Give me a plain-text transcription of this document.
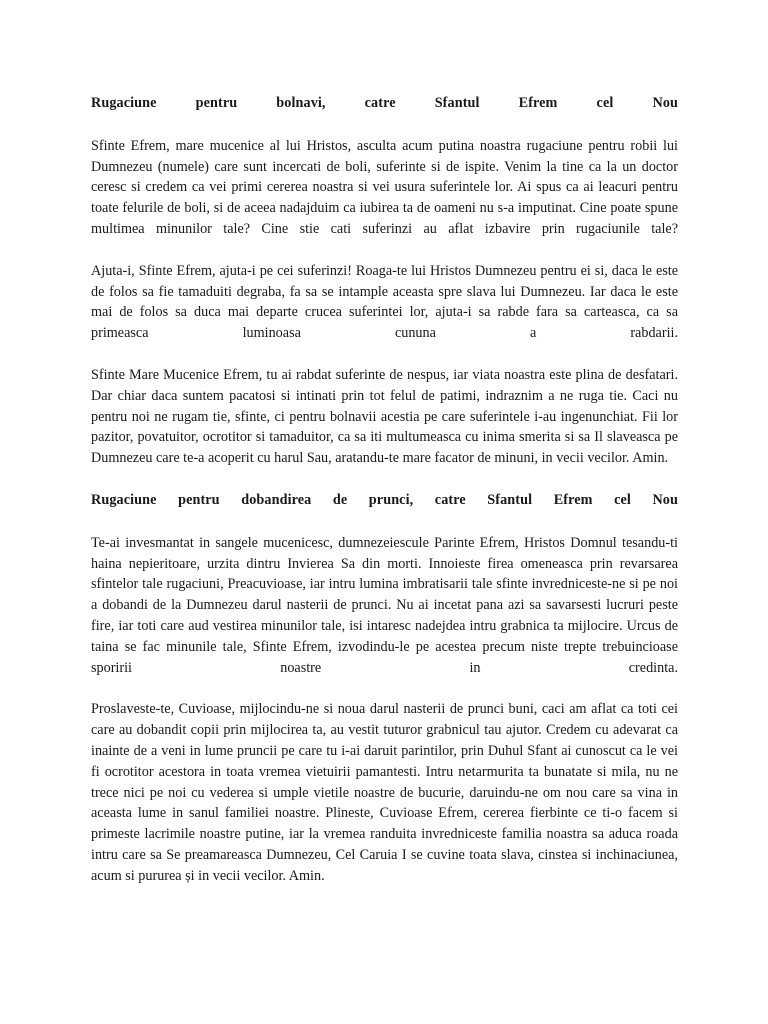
Rugaciune pentru bolnavi, catre Sfantul Efrem cel Nou

Sfinte Efrem, mare mucenice al lui Hristos, asculta acum putina noastra rugaciune pentru robii lui Dumnezeu (numele) care sunt incercati de boli, suferinte si de ispite. Venim la tine ca la un doctor ceresc si credem ca vei primi cererea noastra si vei usura suferintele lor. Ai spus ca ai leacuri pentru toate felurile de boli, si de aceea nadajduim ca iubirea ta de oameni nu s-a imputinat. Cine poate spune multimea minunilor tale? Cine stie cati suferinzi au aflat izbavire prin rugaciunile tale?

Ajuta-i, Sfinte Efrem, ajuta-i pe cei suferinzi! Roaga-te lui Hristos Dumnezeu pentru ei si, daca le este de folos sa fie tamaduiti degraba, fa sa se intample aceasta spre slava lui Dumnezeu. Iar daca le este mai de folos sa duca mai departe crucea suferintei lor, ajuta-i sa rabde fara sa carteasca, ca sa primeasca luminoasa cununa a rabdarii.

Sfinte Mare Mucenice Efrem, tu ai rabdat suferinte de nespus, iar viata noastra este plina de desfatari. Dar chiar daca suntem pacatosi si intinati prin tot felul de patimi, indraznim a ne ruga tie. Caci nu pentru noi ne rugam tie, sfinte, ci pentru bolnavii acestia pe care suferintele i-au ingenunchiat. Fii lor pazitor, povatuitor, ocrotitor si tamaduitor, ca sa iti multumeasca cu inima smerita si sa Il slaveasca pe Dumnezeu care te-a acoperit cu harul Sau, aratandu-te mare facator de minuni, in vecii vecilor. Amin.

Rugaciune pentru dobandirea de prunci, catre Sfantul Efrem cel Nou

Te-ai invesmantat in sangele mucenicesc, dumnezeiescule Parinte Efrem, Hristos Domnul tesandu-ti haina nepieritoare, urzita dintru Invierea Sa din morti. Innoieste firea omeneasca prin revarsarea sfintelor tale rugaciuni, Preacuvioase, iar intru lumina imbratisarii tale sfinte invredniceste-ne si pe noi a dobandi de la Dumnezeu darul nasterii de prunci. Nu ai incetat pana azi sa savarsesti lucruri peste fire, iar toti care aud vestirea minunilor tale, isi intaresc nadejdea intru grabnica ta mijlocire. Urcus de taina se fac minunile tale, Sfinte Efrem, izvodindu-le pe acestea precum niste trepte trebuincioase sporirii noastre in credinta.

Proslaveste-te, Cuvioase, mijlocindu-ne si noua darul nasterii de prunci buni, caci am aflat ca toti cei care au dobandit copii prin mijlocirea ta, au vestit tuturor grabnicul tau ajutor. Credem cu adevarat ca inainte de a veni in lume pruncii pe care tu i-ai daruit parintilor, prin Duhul Sfant ai cunoscut ca le vei fi ocrotitor acestora in toata vremea vietuirii pamantesti. Intru netarmurita ta bunatate si mila, nu ne trece nici pe noi cu vederea si umple vietile noastre de bucurie, daruindu-ne om nou care sa vina in aceasta lume in sanul familiei noastre. Plineste, Cuvioase Efrem, cererea fierbinte ce ti-o facem si primeste lacrimile noastre putine, iar la vremea randuita invredniceste familia noastra sa aduca roada intru care sa Se preamareasca Dumnezeu, Cel Caruia I se cuvine toata slava, cinstea si inchinaciunea, acum si pururea și in vecii vecilor. Amin.
